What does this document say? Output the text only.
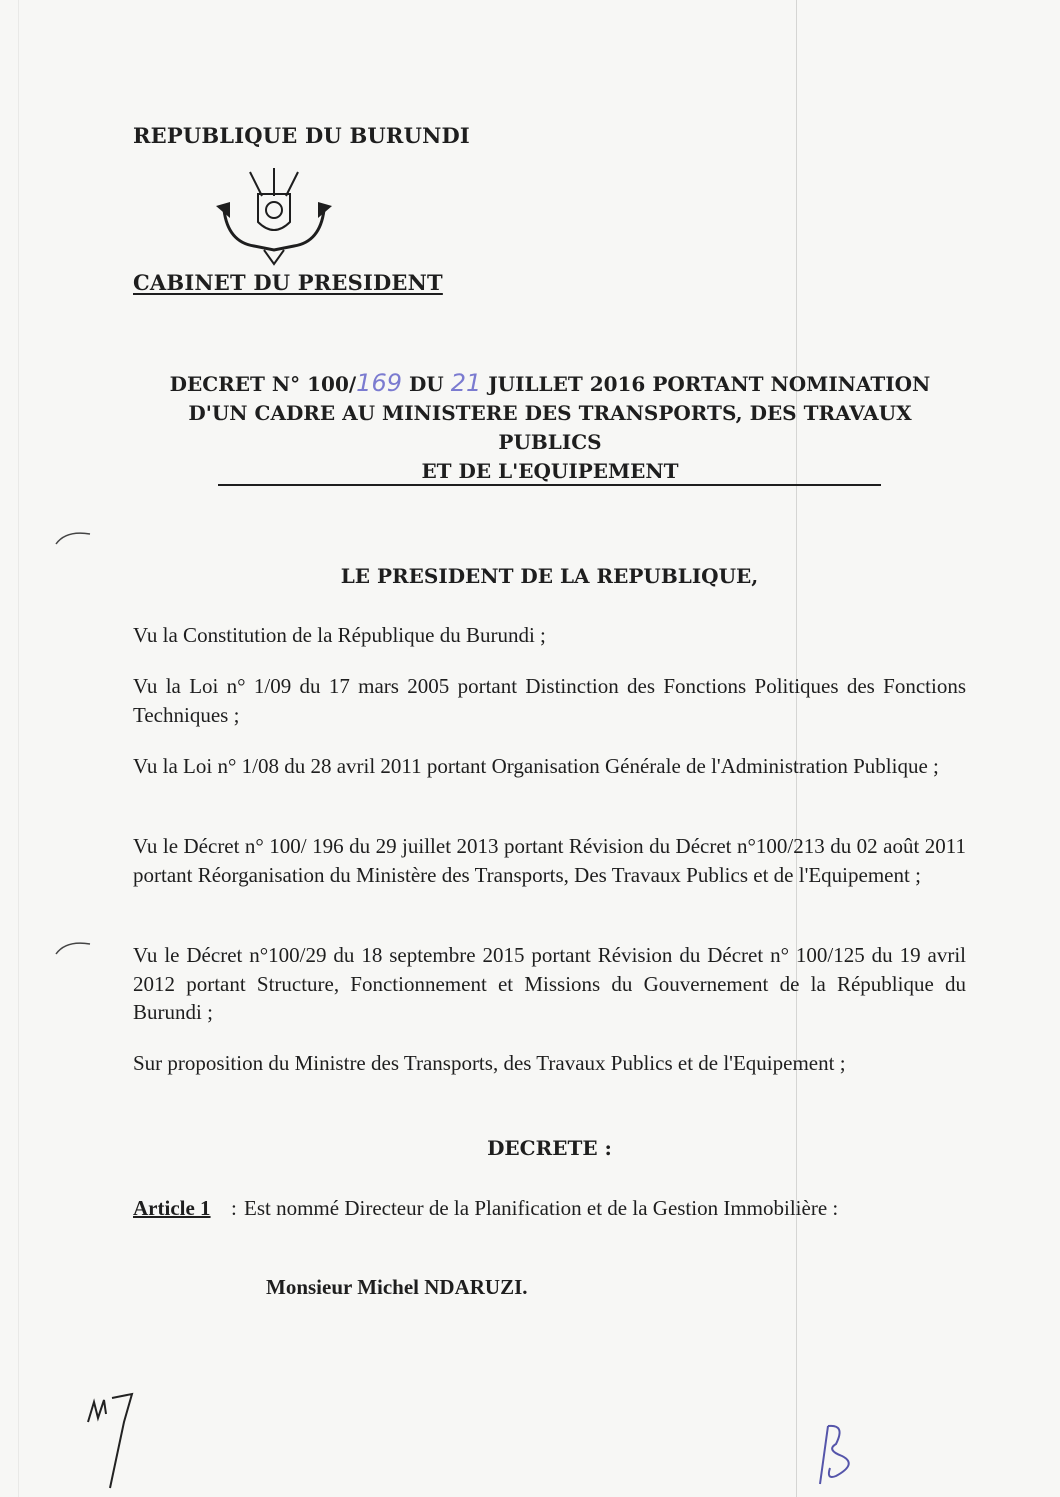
REPUBLIQUE DU BURUNDI
CABINET DU PRESIDENT
DECRET N° 100/169 DU 21 JUILLET 2016 PORTANT NOMINATION
D'UN CADRE AU MINISTERE DES TRANSPORTS, DES TRAVAUX PUBLICS
ET DE L'EQUIPEMENT
LE PRESIDENT DE LA REPUBLIQUE,
Vu la Constitution de la République du Burundi ;
Vu la Loi n° 1/09 du 17 mars 2005 portant Distinction des Fonctions Politiques des Fonctions Techniques ;
Vu la Loi n° 1/08 du 28 avril 2011 portant Organisation Générale de l'Administration Publique ;
Vu le Décret n° 100/ 196 du 29 juillet 2013 portant Révision du Décret n°100/213 du 02 août 2011 portant Réorganisation du Ministère des Transports, Des Travaux Publics et de l'Equipement ;
Vu le Décret n°100/29 du 18 septembre 2015 portant Révision du Décret n° 100/125 du 19 avril 2012 portant Structure, Fonctionnement et Missions du Gouvernement de la République du Burundi ;
Sur proposition du Ministre des Transports, des Travaux Publics et de l'Equipement ;
DECRETE :
Article 1 : Est nommé Directeur de la Planification et de la Gestion Immobilière :
Monsieur Michel NDARUZI.
